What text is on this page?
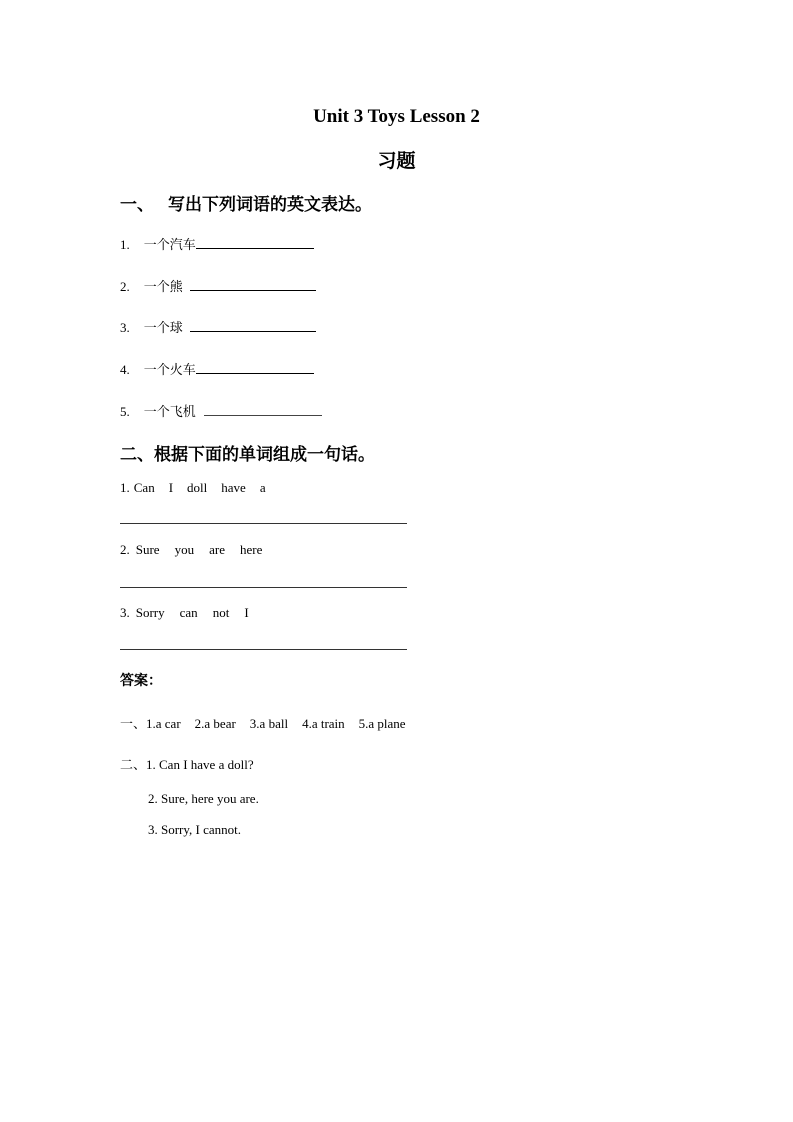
Unit 3 Toys Lesson 2
习题
一、 写出下列词语的英文表达。
1. 一个汽车
2. 一个熊
3. 一个球
4. 一个火车
5. 一个飞机
二、根据下面的单词组成一句话。
1. Can I doll have a
2. Sure you are here
3. Sorry can not I
答案：
一、1.a car 2.a bear 3.a ball 4.a train 5.a plane
二、1. Can I have a doll?
2. Sure, here you are.
3. Sorry, I cannot.
